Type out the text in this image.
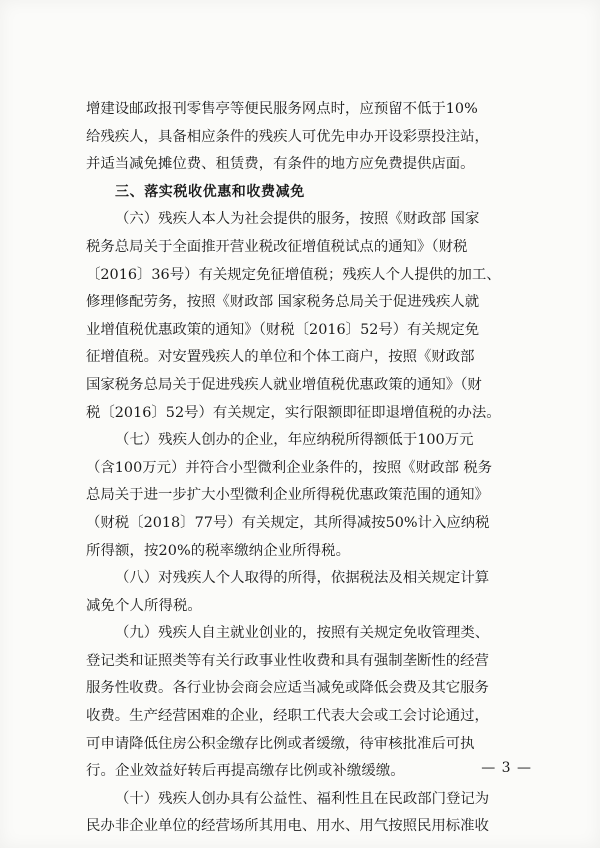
增建设邮政报刊零售亭等便民服务网点时，应预留不低于10%
给残疾人，具备相应条件的残疾人可优先申办开设彩票投注站，
并适当减免摊位费、租赁费，有条件的地方应免费提供店面。
三、落实税收优惠和收费减免
（六）残疾人本人为社会提供的服务，按照《财政部 国家
税务总局关于全面推开营业税改征增值税试点的通知》（财税
〔2016〕36号）有关规定免征增值税；残疾人个人提供的加工、
修理修配劳务，按照《财政部 国家税务总局关于促进残疾人就
业增值税优惠政策的通知》（财税〔2016〕52号）有关规定免
征增值税。对安置残疾人的单位和个体工商户，按照《财政部
国家税务总局关于促进残疾人就业增值税优惠政策的通知》（财
税〔2016〕52号）有关规定，实行限额即征即退增值税的办法。
（七）残疾人创办的企业，年应纳税所得额低于100万元
（含100万元）并符合小型微利企业条件的，按照《财政部 税务
总局关于进一步扩大小型微利企业所得税优惠政策范围的通知》
（财税〔2018〕77号）有关规定，其所得减按50%计入应纳税
所得额，按20%的税率缴纳企业所得税。
（八）对残疾人个人取得的所得，依据税法及相关规定计算
减免个人所得税。
（九）残疾人自主就业创业的，按照有关规定免收管理类、
登记类和证照类等有关行政事业性收费和具有强制垄断性的经营
服务性收费。各行业协会商会应适当减免或降低会费及其它服务
收费。生产经营困难的企业，经职工代表大会或工会讨论通过，
可申请降低住房公积金缴存比例或者缓缴，待审核批准后可执
行。企业效益好转后再提高缴存比例或补缴缓缴。
（十）残疾人创办具有公益性、福利性且在民政部门登记为
民办非企业单位的经营场所其用电、用水、用气按照民用标准收
— 3 —
